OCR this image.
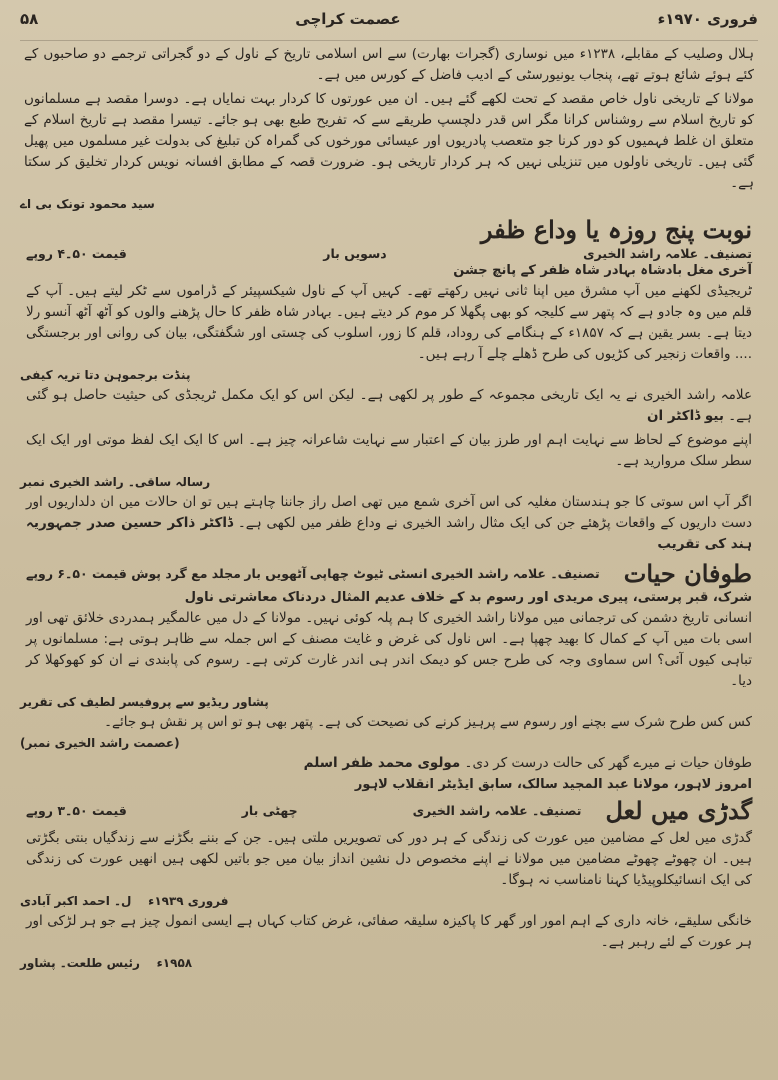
فروری ۱۹۷۰ء
عصمت کراچی
۵۸

ہلال وصلیب کے مقابلے، ۱۲۳۸ء میں نوساری (گجرات بھارت) سے اس اسلامی تاریخ کے ناول کے دو گجراتی ترجمے دو صاحبوں کے کئے ہوئے شائع ہوتے تھے، پنجاب یونیورسٹی کے ادیب فاضل کے کورس میں ہے۔

مولانا کے تاریخی ناول خاص مقصد کے تحت لکھے گئے ہیں۔ ان میں عورتوں کا کردار بہت نمایاں ہے۔ دوسرا مقصد ہے مسلمانوں کو تاریخ اسلام سے روشناس کرانا مگر اس قدر دلچسپ طریقے سے کہ تفریح طبع بھی ہو جائے۔ تیسرا مقصد ہے تاریخ اسلام کے متعلق ان غلط فہمیوں کو دور کرنا جو متعصب پادریوں اور عیسائی مورخوں کی گمراہ کن تبلیغ کی بدولت غیر مسلموں میں پھیل گئی ہیں۔ تاریخی ناولوں میں تنزیلی نہیں کہ ہر کردار تاریخی ہو۔ ضرورت قصہ کے مطابق افسانہ نویس کردار تخلیق کر سکتا ہے۔

سید محمود تونک بی اے
نوبت پنج روزہ یا وداع ظفر
تصنیف۔ علامہ راشد الخیری
دسویں بار
قیمت ۵۰۔۴ روپے
آخری مغل بادشاہ بہادر شاہ ظفر کے پانچ جشن

ٹریجیڈی لکھنے میں آپ مشرق میں اپنا ثانی نہیں رکھتے تھے۔ کہیں آپ کے ناول شیکسپیئر کے ڈراموں سے ٹکر لیتے ہیں۔ آپ کے قلم میں وہ جادو ہے کہ پتھر سے کلیجہ کو بھی پگھلا کر موم کر دیتے ہیں۔ بہادر شاہ ظفر کا حال پڑھنے والوں کو آٹھ آٹھ آنسو رلا دیتا ہے۔ بسر یقین ہے کہ ۱۸۵۷ء کے ہنگامے کی روداد، قلم کا زور، اسلوب کی چستی اور شگفتگی، بیان کی روانی اور برجستگی .... واقعات زنجیر کی کڑیوں کی طرح ڈھلے چلے آ رہے ہیں۔

پنڈت برجموہن دتا تریہ کیفی

علامہ راشد الخیری نے یہ ایک تاریخی مجموعہ کے طور پر لکھی ہے۔ لیکن اس کو ایک مکمل ٹریجڈی کی حیثیت حاصل ہو گئی ہے۔ بیو ڈاکٹر ان

اپنے موضوع کے لحاظ سے نہایت اہم اور طرز بیان کے اعتبار سے نہایت شاعرانہ چیز ہے۔ اس کا ایک ایک لفظ موتی اور ایک ایک سطر سلک مروارید ہے۔

رسالہ ساقی۔ راشد الخیری نمبر

اگر آپ اس سوتی کا جو ہندستان مغلیہ کی اس آخری شمع میں تھی اصل راز جاننا چاہتے ہیں تو ان حالات میں ان دلداریوں اور دست داریوں کے واقعات پڑھئے جن کی ایک مثال راشد الخیری نے وداع ظفر میں لکھی ہے۔ ڈاکٹر ذاکر حسین صدر جمہوریہ ہند کی تقریب

طوفان حیات
تصنیف۔ علامہ راشد الخیری
انسٹی ٹیوٹ چھاپی
آٹھویں بار
مجلد مع گرد پوش قیمت ۵۰۔۶ روپے
شرک، قبر پرستی، پیری مریدی اور رسوم بد کے خلاف عدیم المثال دردناک معاشرتی ناول

انسانی تاریخ دشمن کی ترجمانی میں مولانا راشد الخیری کا ہم پلہ کوئی نہیں۔ مولانا کے دل میں عالمگیر ہمدردی خلائق تھی اور اسی بات میں آپ کے کمال کا بھید چھپا ہے۔ اس ناول کی غرض و غایت مصنف کے اس جملہ سے ظاہر ہوتی ہے: مسلمانوں پر تباہی کیوں آئی؟ اس سماوی وجہ کی طرح جس کو دیمک اندر ہی اندر غارت کرتی ہے۔ رسوم کی پابندی نے ان کو کھوکھلا کر دیا۔

پشاور ریڈیو سے پروفیسر لطیف کی تقریر

کس کس طرح شرک سے بچنے اور رسوم سے پرہیز کرنے کی نصیحت کی ہے۔ پتھر بھی ہو تو اس پر نقش ہو جائے۔

(عصمت راشد الخیری نمبر)

طوفان حیات نے میرے گھر کی حالت درست کر دی۔ مولوی محمد ظفر اسلم

امروز لاہور، مولانا عبد المجید سالک، سابق ایڈیٹر انقلاب لاہور
گدڑی میں لعل
تصنیف۔ علامہ راشد الخیری
چھٹی بار
قیمت ۵۰۔۳ روپے

گدڑی میں لعل کے مضامین میں عورت کی زندگی کے ہر دور کی تصویریں ملتی ہیں۔ جن کے بننے بگڑنے سے زندگیاں بنتی بگڑتی ہیں۔ ان چھوٹے چھوٹے مضامین میں مولانا نے اپنے مخصوص دل نشین انداز بیان میں جو باتیں لکھی ہیں انھیں عورت کی زندگی کی ایک انسائیکلوپیڈیا کہنا نامناسب نہ ہوگا۔

فروری ۱۹۳۹ء    ل۔ احمد اکبر آبادی

خانگی سلیقے، خانہ داری کے اہم امور اور گھر کا پاکیزہ سلیقہ صفائی، غرض کتاب کہاں ہے ایسی انمول چیز ہے جو ہر لڑکی اور ہر عورت کے لئے رہبر ہے۔

۱۹۵۸ء    رئیس طلعت۔ پشاور
